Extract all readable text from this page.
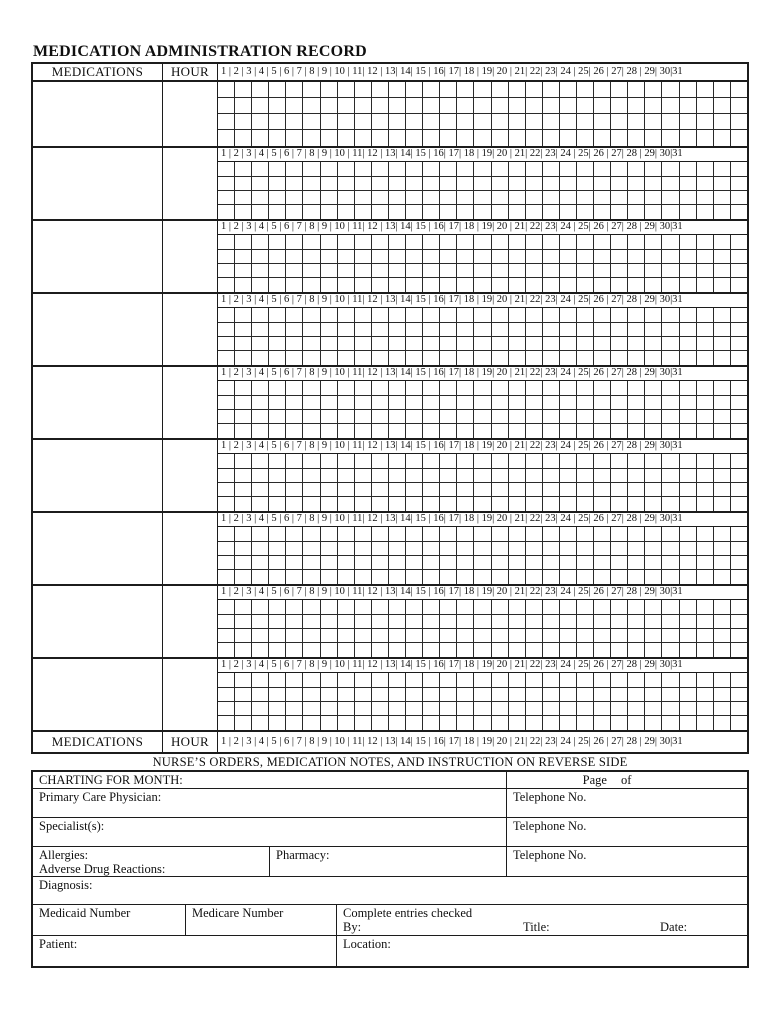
MEDICATION ADMINISTRATION RECORD
MEDICATIONS	HOUR	1 | 2 | 3 | 4 | 5 | 6 | 7 | 8 | 9 | 10 | 11| 12 | 13| 14| 15 | 16| 17| 18 | 19| 20 | 21| 22| 23| 24 | 25| 26 | 27| 28 | 29| 30|31
1 | 2 | 3 | 4 | 5 | 6 | 7 | 8 | 9 | 10 | 11| 12 | 13| 14| 15 | 16| 17| 18 | 19| 20 | 21| 22| 23| 24 | 25| 26 | 27| 28 | 29| 30|31
1 | 2 | 3 | 4 | 5 | 6 | 7 | 8 | 9 | 10 | 11| 12 | 13| 14| 15 | 16| 17| 18 | 19| 20 | 21| 22| 23| 24 | 25| 26 | 27| 28 | 29| 30|31
1 | 2 | 3 | 4 | 5 | 6 | 7 | 8 | 9 | 10 | 11| 12 | 13| 14| 15 | 16| 17| 18 | 19| 20 | 21| 22| 23| 24 | 25| 26 | 27| 28 | 29| 30|31
1 | 2 | 3 | 4 | 5 | 6 | 7 | 8 | 9 | 10 | 11| 12 | 13| 14| 15 | 16| 17| 18 | 19| 20 | 21| 22| 23| 24 | 25| 26 | 27| 28 | 29| 30|31
1 | 2 | 3 | 4 | 5 | 6 | 7 | 8 | 9 | 10 | 11| 12 | 13| 14| 15 | 16| 17| 18 | 19| 20 | 21| 22| 23| 24 | 25| 26 | 27| 28 | 29| 30|31
1 | 2 | 3 | 4 | 5 | 6 | 7 | 8 | 9 | 10 | 11| 12 | 13| 14| 15 | 16| 17| 18 | 19| 20 | 21| 22| 23| 24 | 25| 26 | 27| 28 | 29| 30|31
1 | 2 | 3 | 4 | 5 | 6 | 7 | 8 | 9 | 10 | 11| 12 | 13| 14| 15 | 16| 17| 18 | 19| 20 | 21| 22| 23| 24 | 25| 26 | 27| 28 | 29| 30|31
1 | 2 | 3 | 4 | 5 | 6 | 7 | 8 | 9 | 10 | 11| 12 | 13| 14| 15 | 16| 17| 18 | 19| 20 | 21| 22| 23| 24 | 25| 26 | 27| 28 | 29| 30|31
MEDICATIONS	HOUR	1 | 2 | 3 | 4 | 5 | 6 | 7 | 8 | 9 | 10 | 11| 12 | 13| 14| 15 | 16| 17| 18 | 19| 20 | 21| 22| 23| 24 | 25| 26 | 27| 28 | 29| 30|31
NURSE’S ORDERS, MEDICATION NOTES, AND INSTRUCTION ON REVERSE SIDE
CHARTING FOR MONTH:	Page of
Primary Care Physician:	Telephone No.
Specialist(s):	Telephone No.
Allergies:
Adverse Drug Reactions:
Pharmacy:	Telephone No.
Diagnosis:
Medicaid Number	Medicare Number	Complete entries checked
By:	Title:	Date:
Patient:	Location:
